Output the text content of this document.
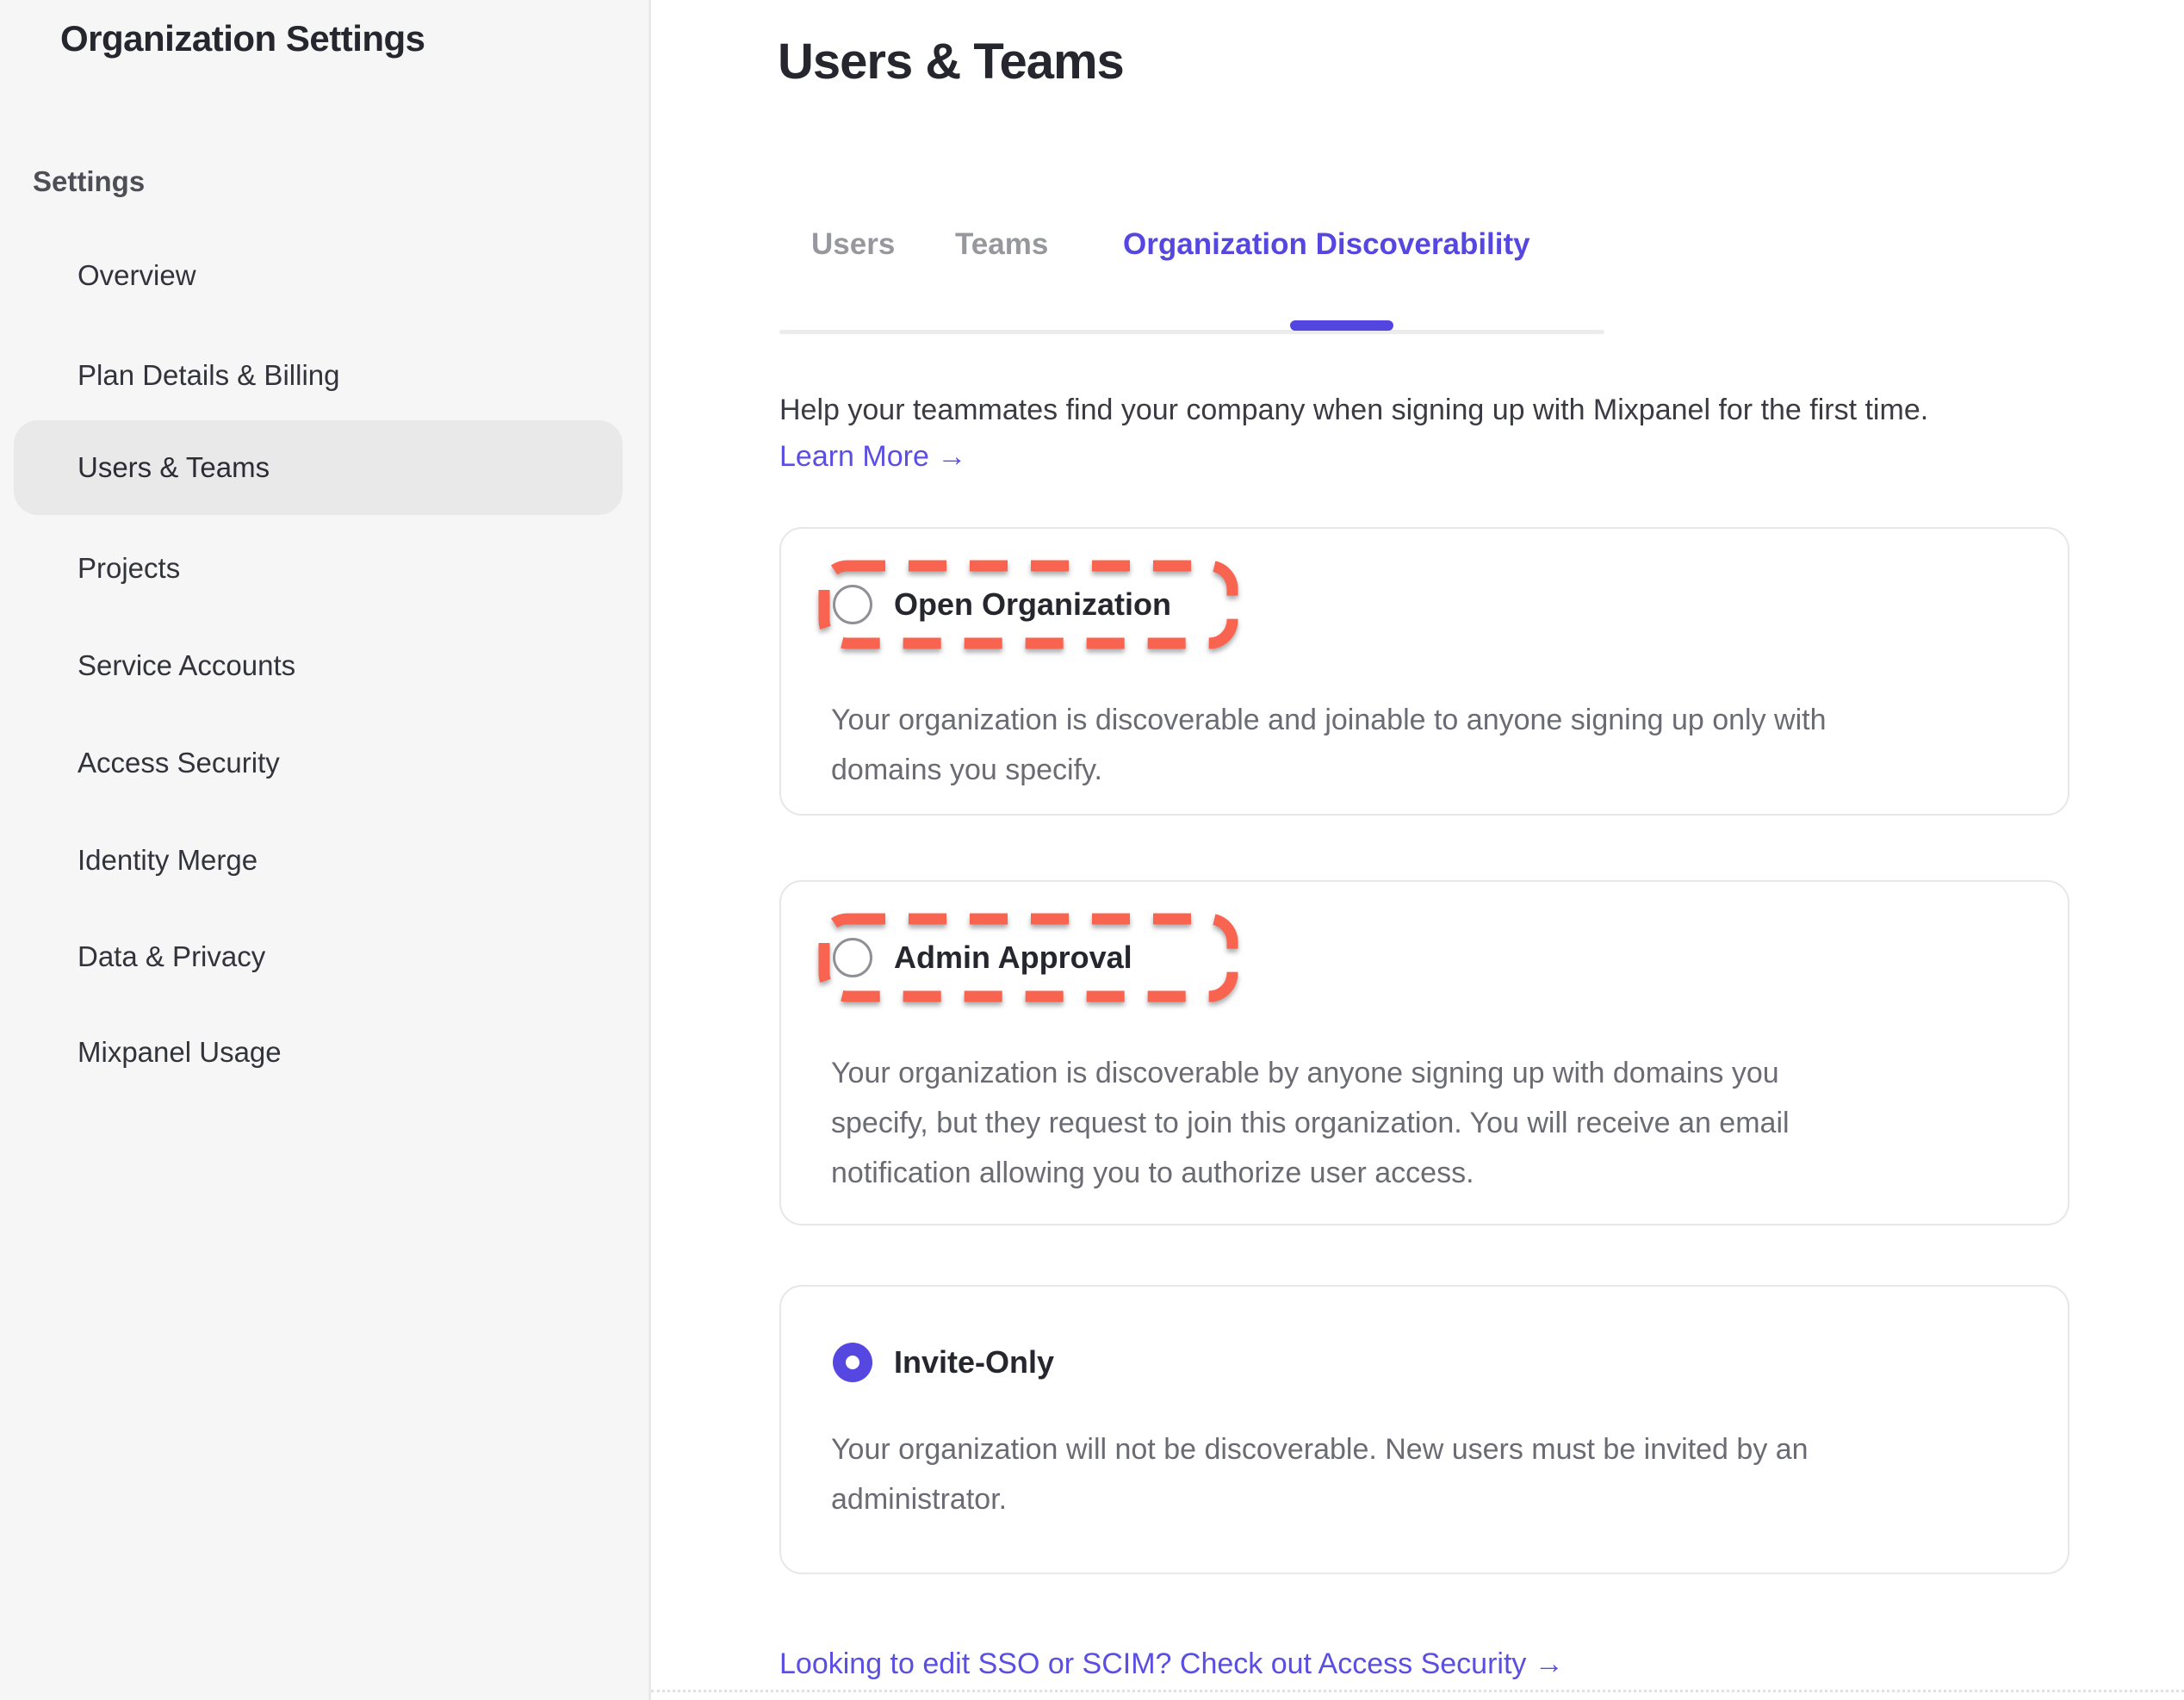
Organization Settings
Settings
Overview
Plan Details & Billing
Users & Teams
Projects
Service Accounts
Access Security
Identity Merge
Data & Privacy
Mixpanel Usage
Users & Teams
Users Teams Organization Discoverability
Help your teammates find your company when signing up with Mixpanel for the first time.
Learn More →
Open Organization
Your organization is discoverable and joinable to anyone signing up only with
domains you specify.
Admin Approval
Your organization is discoverable by anyone signing up with domains you
specify, but they request to join this organization. You will receive an email
notification allowing you to authorize user access.
Invite-Only
Your organization will not be discoverable. New users must be invited by an
administrator.
Looking to edit SSO or SCIM? Check out Access Security →
